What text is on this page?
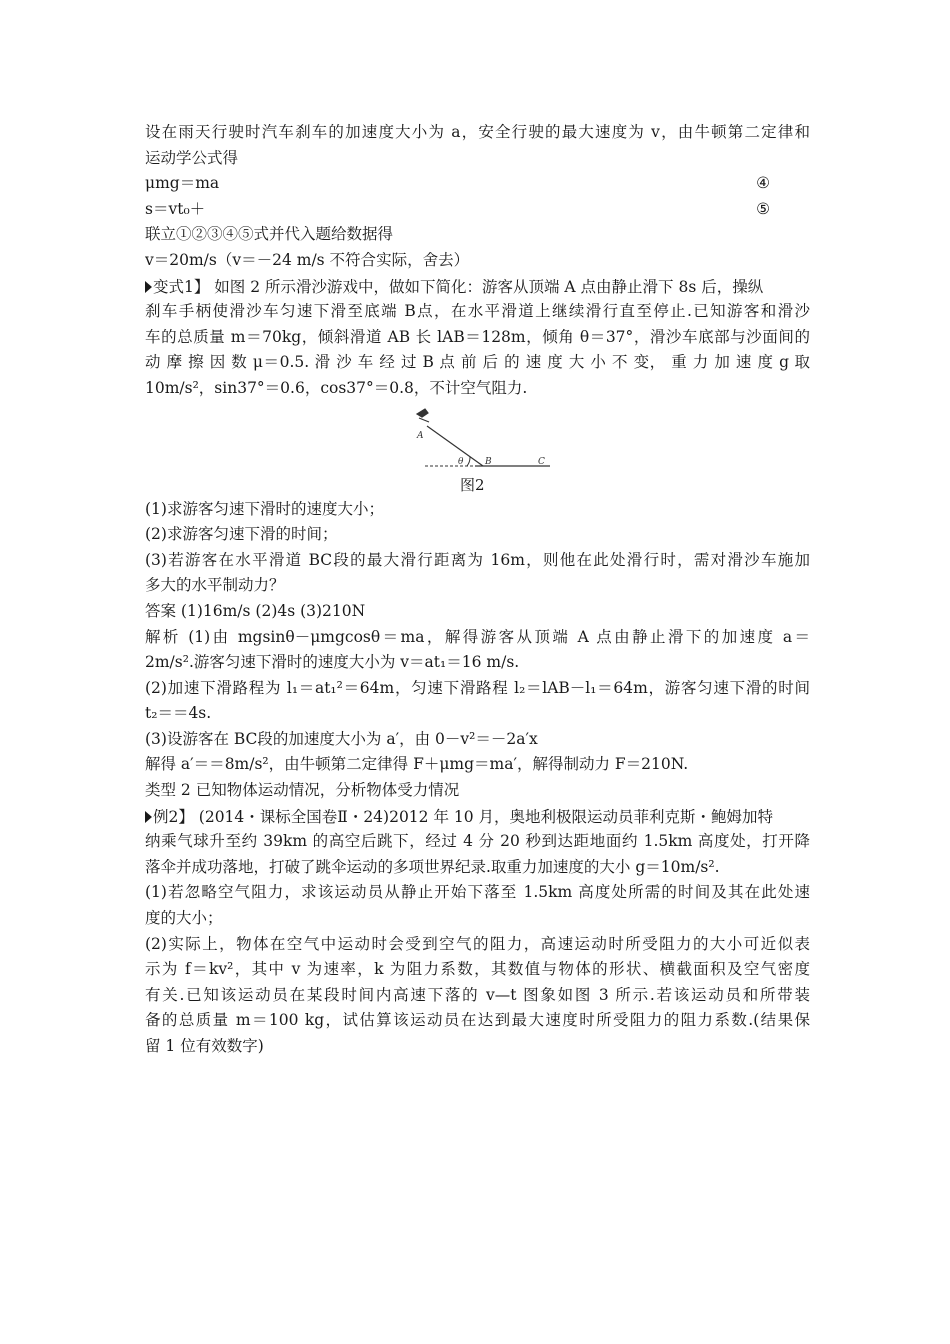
设在雨天行驶时汽车刹车的加速度大小为 a，安全行驶的最大速度为 v，由牛顿第二定律和
运动学公式得
μmg＝ma	④
s＝vt₀＋	⑤
联立①②③④⑤式并代入题给数据得
v＝20m/s（v＝－24 m/s 不符合实际，舍去）
变式1】 如图 2 所示滑沙游戏中，做如下简化：游客从顶端 A 点由静止滑下 8s 后，操纵
刹车手柄使滑沙车匀速下滑至底端 B点，在水平滑道上继续滑行直至停止.已知游客和滑沙
车的总质量 m＝70kg，倾斜滑道 AB 长 lAB＝128m，倾角 θ＝37°，滑沙车底部与沙面间的
动 摩 擦 因 数 μ＝0.5. 滑 沙 车 经 过 B 点 前 后 的 速 度 大 小 不 变， 重 力 加 速 度 g 取
10m/s²，sin37°＝0.6，cos37°＝0.8，不计空气阻力.
A
θ B	C
图2
(1)求游客匀速下滑时的速度大小；
(2)求游客匀速下滑的时间；
(3)若游客在水平滑道 BC段的最大滑行距离为 16m，则他在此处滑行时，需对滑沙车施加
多大的水平制动力？
答案 (1)16m/s (2)4s (3)210N
解析 (1)由 mgsinθ－μmgcosθ＝ma，解得游客从顶端 A 点由静止滑下的加速度 a＝
2m/s².游客匀速下滑时的速度大小为 v＝at₁＝16 m/s.
(2)加速下滑路程为 l₁＝at₁²＝64m，匀速下滑路程 l₂＝lAB－l₁＝64m，游客匀速下滑的时间
t₂＝＝4s.
(3)设游客在 BC段的加速度大小为 a′，由 0－v²＝－2a′x
解得 a′＝＝8m/s²，由牛顿第二定律得 F＋μmg＝ma′，解得制动力 F＝210N.
类型 2 已知物体运动情况，分析物体受力情况
例2】 (2014・课标全国卷Ⅱ・24)2012 年 10 月，奥地利极限运动员菲利克斯・鲍姆加特
纳乘气球升至约 39km 的高空后跳下，经过 4 分 20 秒到达距地面约 1.5km 高度处，打开降
落伞并成功落地，打破了跳伞运动的多项世界纪录.取重力加速度的大小 g＝10m/s².
(1)若忽略空气阻力，求该运动员从静止开始下落至 1.5km 高度处所需的时间及其在此处速
度的大小；
(2)实际上，物体在空气中运动时会受到空气的阻力，高速运动时所受阻力的大小可近似表
示为 f＝kv²，其中 v 为速率，k 为阻力系数，其数值与物体的形状、横截面积及空气密度
有关.已知该运动员在某段时间内高速下落的 v—t 图象如图 3 所示.若该运动员和所带装
备的总质量 m＝100 kg，试估算该运动员在达到最大速度时所受阻力的阻力系数.(结果保
留 1 位有效数字)
